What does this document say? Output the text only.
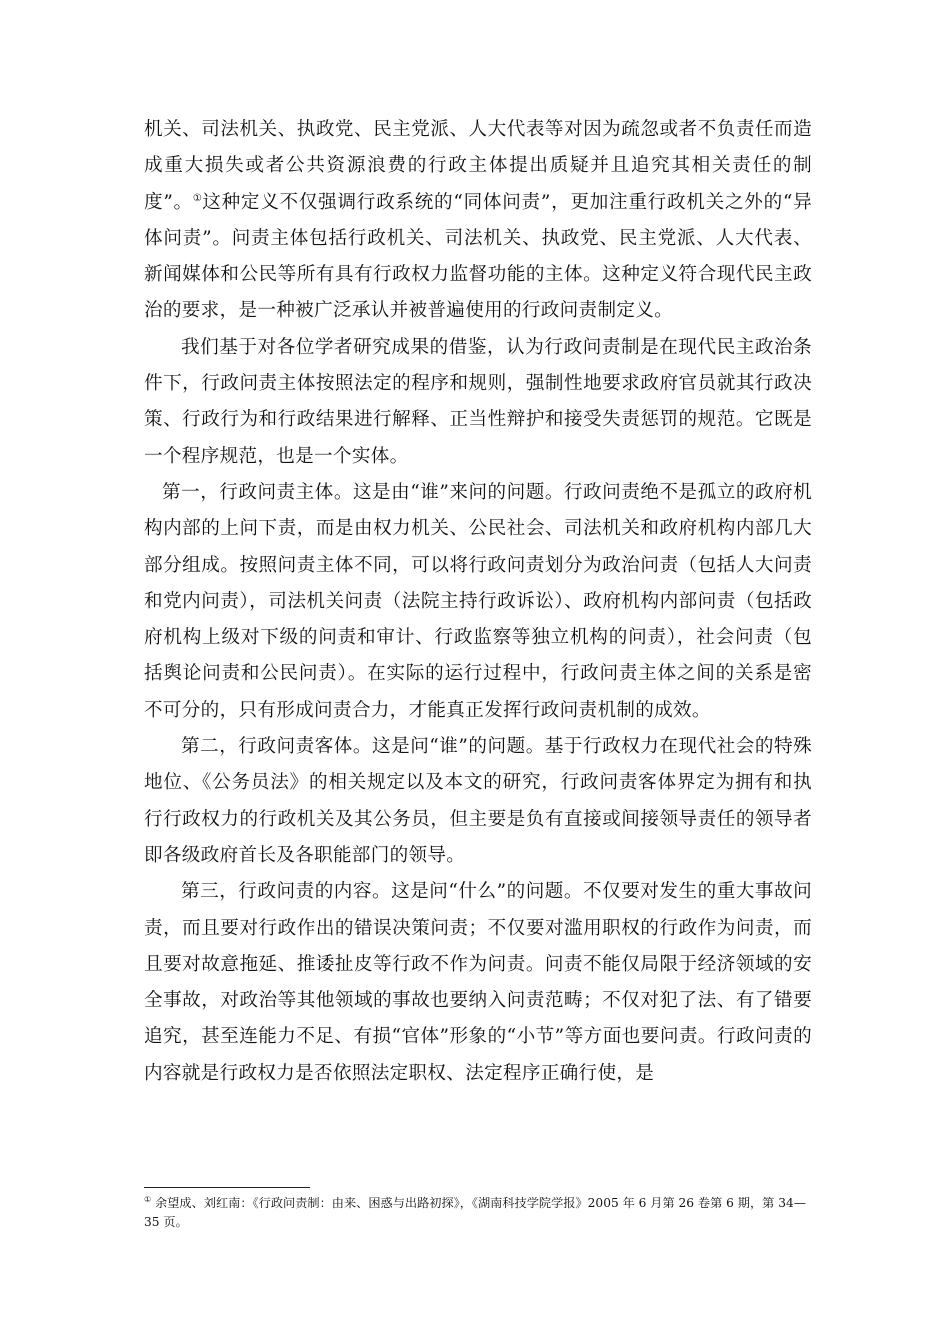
机关、司法机关、执政党、民主党派、人大代表等对因为疏忽或者不负责任而造成重大损失或者公共资源浪费的行政主体提出质疑并且追究其相关责任的制度”。①这种定义不仅强调行政系统的“同体问责”，更加注重行政机关之外的“异体问责”。问责主体包括行政机关、司法机关、执政党、民主党派、人大代表、新闻媒体和公民等所有具有行政权力监督功能的主体。这种定义符合现代民主政治的要求，是一种被广泛承认并被普遍使用的行政问责制定义。

我们基于对各位学者研究成果的借鉴，认为行政问责制是在现代民主政治条件下，行政问责主体按照法定的程序和规则，强制性地要求政府官员就其行政决策、行政行为和行政结果进行解释、正当性辩护和接受失责惩罚的规范。它既是一个程序规范，也是一个实体。

第一，行政问责主体。这是由“谁”来问的问题。行政问责绝不是孤立的政府机构内部的上问下责，而是由权力机关、公民社会、司法机关和政府机构内部几大部分组成。按照问责主体不同，可以将行政问责划分为政治问责（包括人大问责和党内问责），司法机关问责（法院主持行政诉讼）、政府机构内部问责（包括政府机构上级对下级的问责和审计、行政监察等独立机构的问责），社会问责（包括舆论问责和公民问责）。在实际的运行过程中，行政问责主体之间的关系是密不可分的，只有形成问责合力，才能真正发挥行政问责机制的成效。

第二，行政问责客体。这是问“谁”的问题。基于行政权力在现代社会的特殊地位、《公务员法》的相关规定以及本文的研究，行政问责客体界定为拥有和执行行政权力的行政机关及其公务员，但主要是负有直接或间接领导责任的领导者即各级政府首长及各职能部门的领导。

第三，行政问责的内容。这是问“什么”的问题。不仅要对发生的重大事故问责，而且要对行政作出的错误决策问责；不仅要对滥用职权的行政作为问责，而且要对故意拖延、推诿扯皮等行政不作为问责。问责不能仅局限于经济领域的安全事故，对政治等其他领域的事故也要纳入问责范畴；不仅对犯了法、有了错要追究，甚至连能力不足、有损“官体”形象的“小节”等方面也要问责。行政问责的内容就是行政权力是否依照法定职权、法定程序正确行使，是

① 余望成、刘红南：《行政问责制：由来、困惑与出路初探》，《湖南科技学院学报》2005 年 6 月第 26 卷第 6 期，第 34—35 页。
